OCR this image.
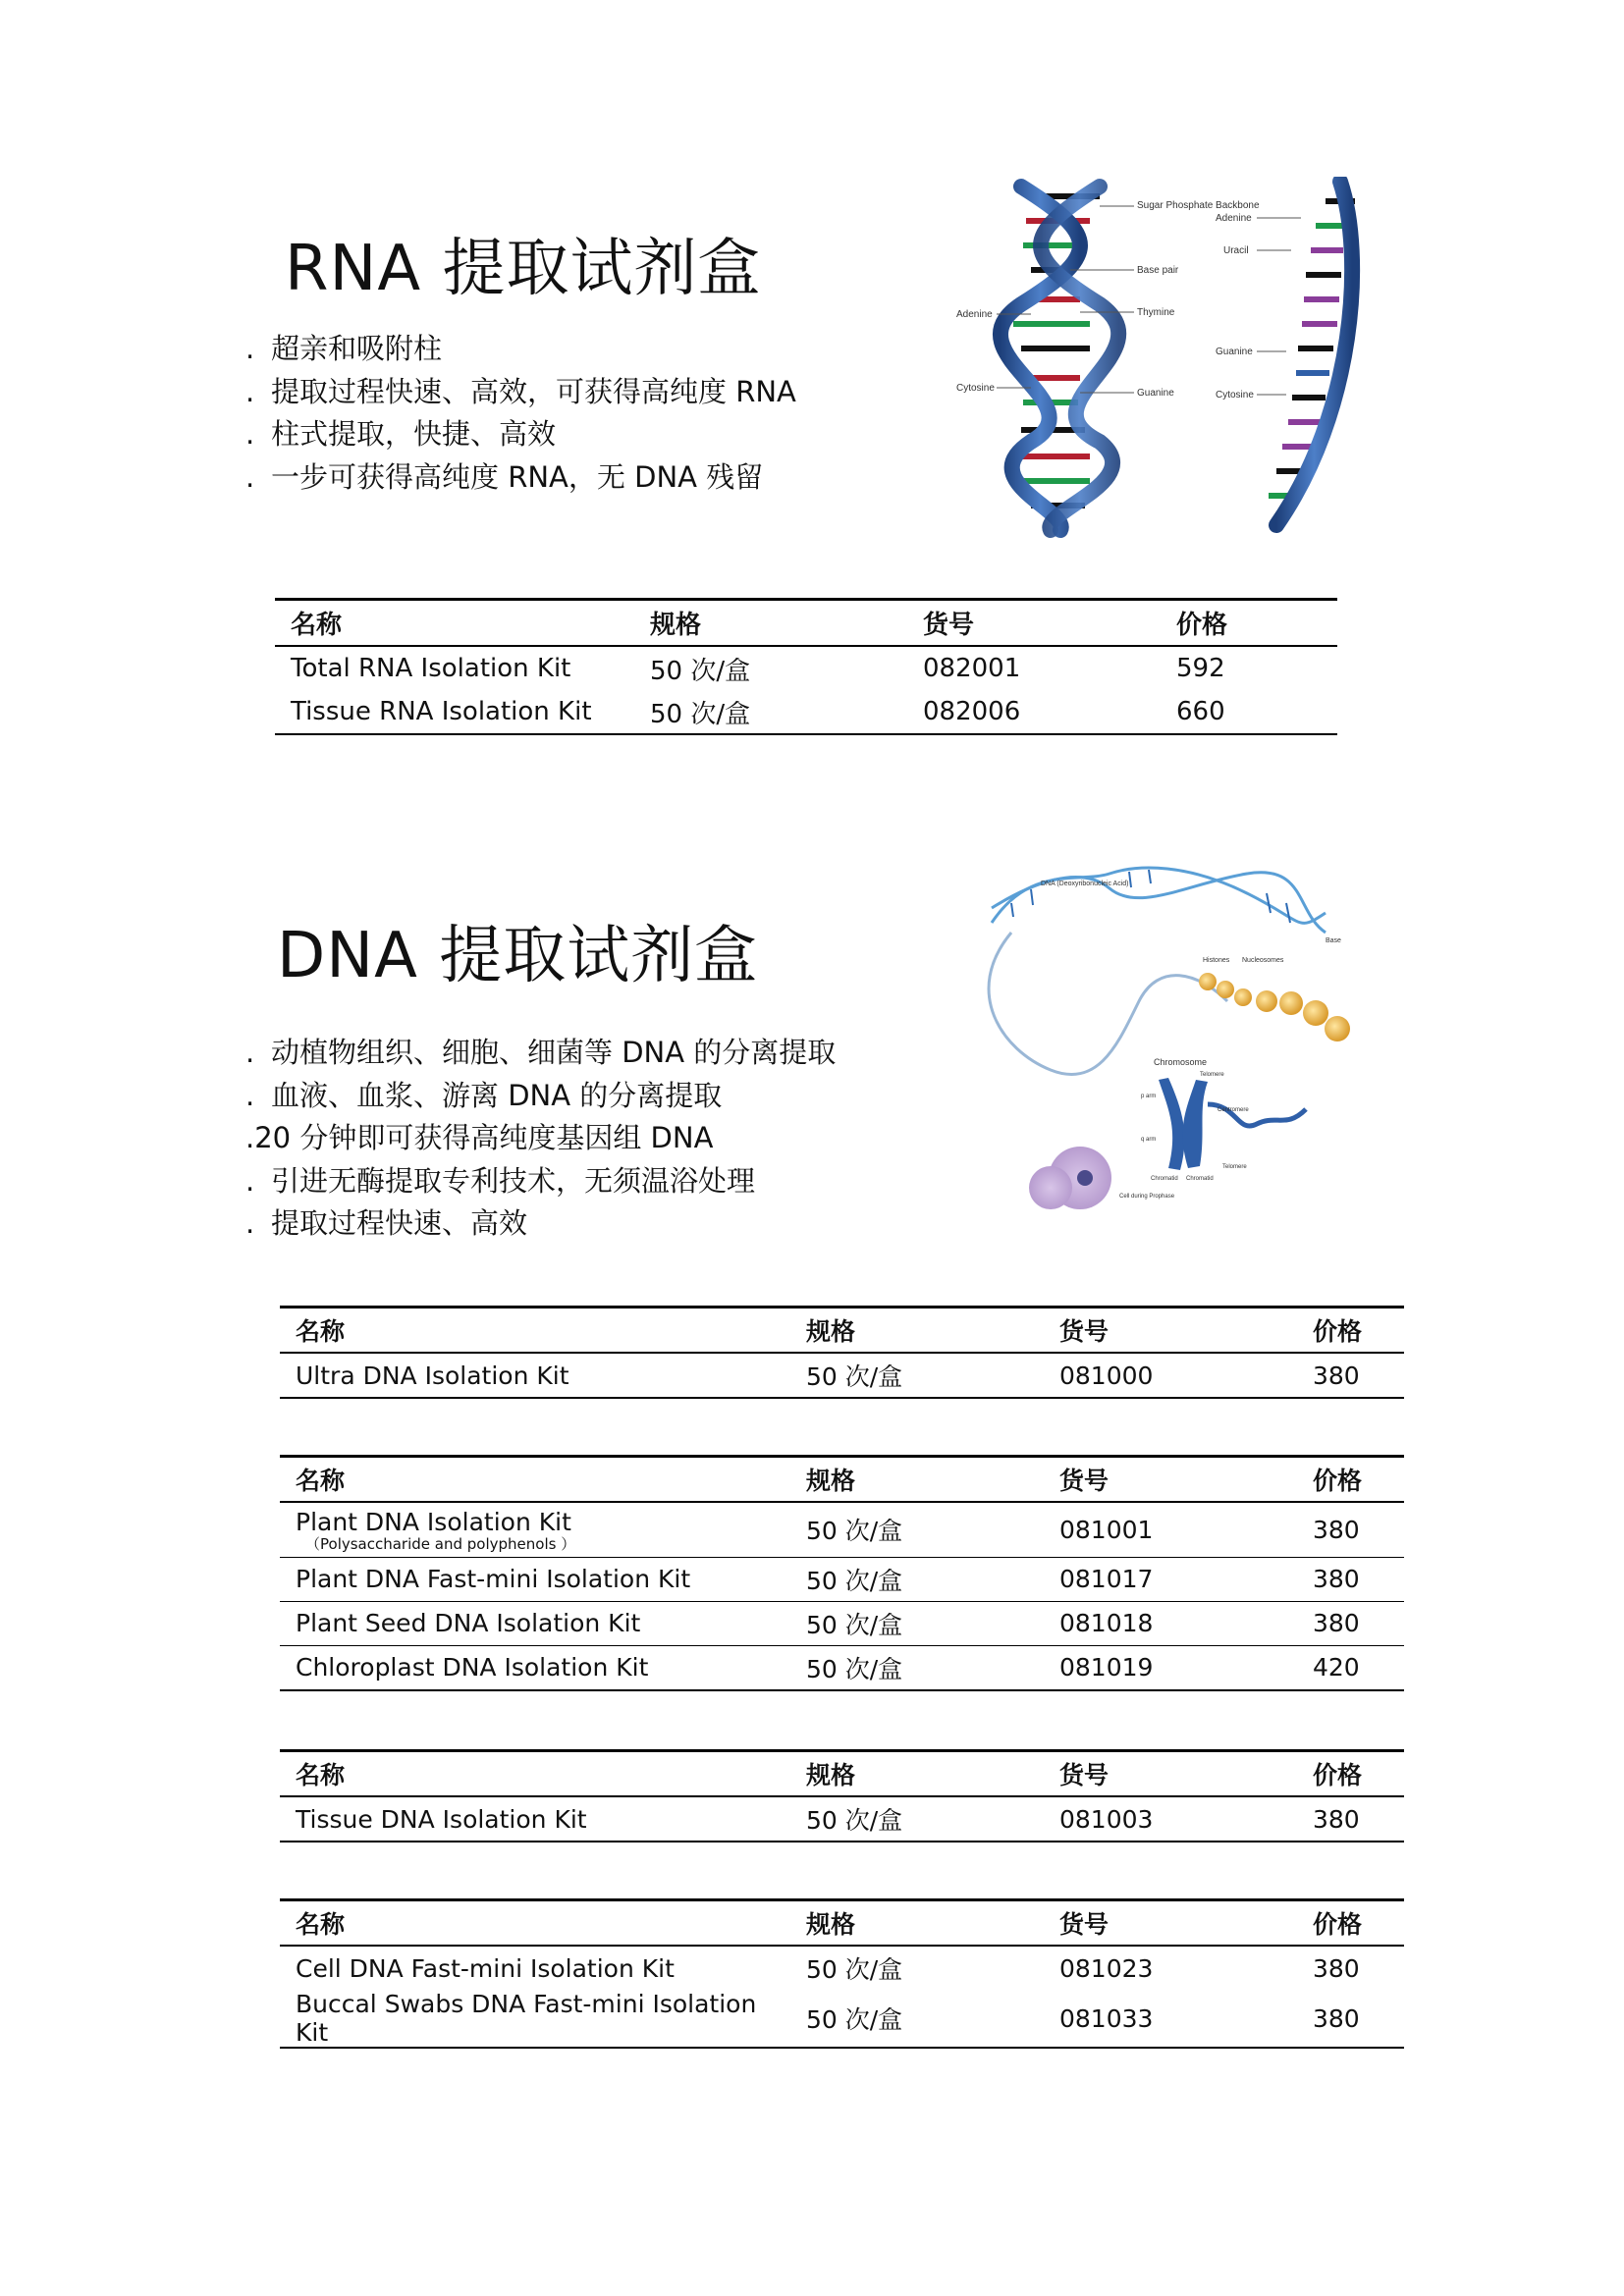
RNA 提取试剂盒
. 超亲和吸附柱
. 提取过程快速、高效，可获得高纯度 RNA
. 柱式提取，快捷、高效
. 一步可获得高纯度 RNA，无 DNA 残留
Sugar Phosphate Backbone
Base pair
Thymine
Guanine
Adenine
Cytosine
Adenine
Uracil
Guanine
Cytosine
名称	规格	货号	价格
Total RNA Isolation Kit	50 次/盒	082001	592
Tissue RNA Isolation Kit	50 次/盒	082006	660
DNA 提取试剂盒
. 动植物组织、细胞、细菌等 DNA 的分离提取
. 血液、血浆、游离 DNA 的分离提取
.20 分钟即可获得高纯度基因组 DNA
. 引进无酶提取专利技术，无须温浴处理
. 提取过程快速、高效
DNA (Deoxyribonucleic Acid)
Base
Histones Nucleosomes
Chromosome
Telomere
Centromere
p arm
q arm
Chromatid Chromatid
Telomere
Cell during Prophase
名称	规格	货号	价格
Ultra DNA Isolation Kit	50 次/盒	081000	380
名称	规格	货号	价格
Plant DNA Isolation Kit
（Polysaccharide and polyphenols ）	50 次/盒	081001	380
Plant DNA Fast-mini Isolation Kit	50 次/盒	081017	380
Plant Seed DNA Isolation Kit	50 次/盒	081018	380
Chloroplast DNA Isolation Kit	50 次/盒	081019	420
名称	规格	货号	价格
Tissue DNA Isolation Kit	50 次/盒	081003	380
名称	规格	货号	价格
Cell DNA Fast-mini Isolation Kit	50 次/盒	081023	380
Buccal Swabs DNA Fast-mini Isolation Kit	50 次/盒	081033	380
